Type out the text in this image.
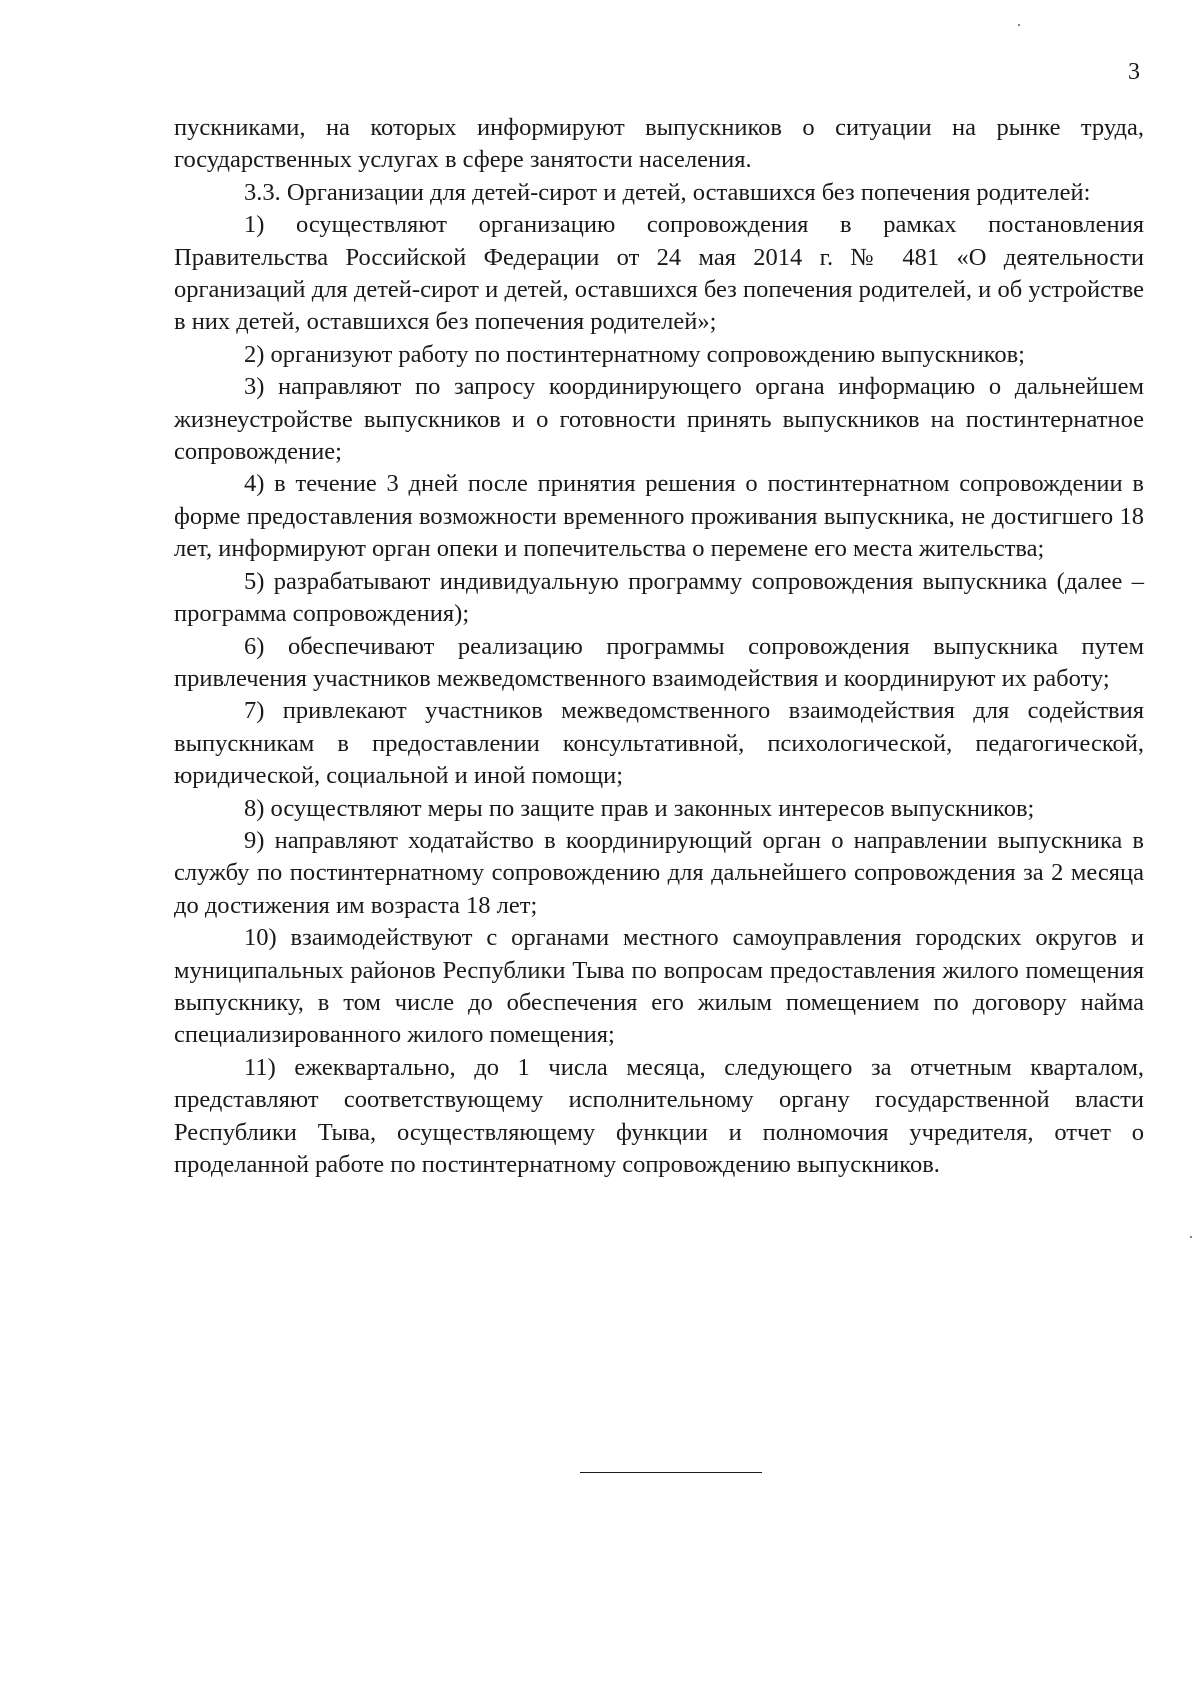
3

пускниками, на которых информируют выпускников о ситуации на рынке труда, государственных услугах в сфере занятости населения.

3.3. Организации для детей-сирот и детей, оставшихся без попечения родителей:

1) осуществляют организацию сопровождения в рамках постановления Правительства Российской Федерации от 24 мая 2014 г. № 481 «О деятельности организаций для детей-сирот и детей, оставшихся без попечения родителей, и об устройстве в них детей, оставшихся без попечения родителей»;

2) организуют работу по постинтернатному сопровождению выпускников;

3) направляют по запросу координирующего органа информацию о дальнейшем жизнеустройстве выпускников и о готовности принять выпускников на постинтернатное сопровождение;

4) в течение 3 дней после принятия решения о постинтернатном сопровождении в форме предоставления возможности временного проживания выпускника, не достигшего 18 лет, информируют орган опеки и попечительства о перемене его места жительства;

5) разрабатывают индивидуальную программу сопровождения выпускника (далее – программа сопровождения);

6) обеспечивают реализацию программы сопровождения выпускника путем привлечения участников межведомственного взаимодействия и координируют их работу;

7) привлекают участников межведомственного взаимодействия для содействия выпускникам в предоставлении консультативной, психологической, педагогической, юридической, социальной и иной помощи;

8) осуществляют меры по защите прав и законных интересов выпускников;

9) направляют ходатайство в координирующий орган о направлении выпускника в службу по постинтернатному сопровождению для дальнейшего сопровождения за 2 месяца до достижения им возраста 18 лет;

10) взаимодействуют с органами местного самоуправления городских округов и муниципальных районов Республики Тыва по вопросам предоставления жилого помещения выпускнику, в том числе до обеспечения его жилым помещением по договору найма специализированного жилого помещения;

11) ежеквартально, до 1 числа месяца, следующего за отчетным кварталом, представляют соответствующему исполнительному органу государственной власти Республики Тыва, осуществляющему функции и полномочия учредителя, отчет о проделанной работе по постинтернатному сопровождению выпускников.
